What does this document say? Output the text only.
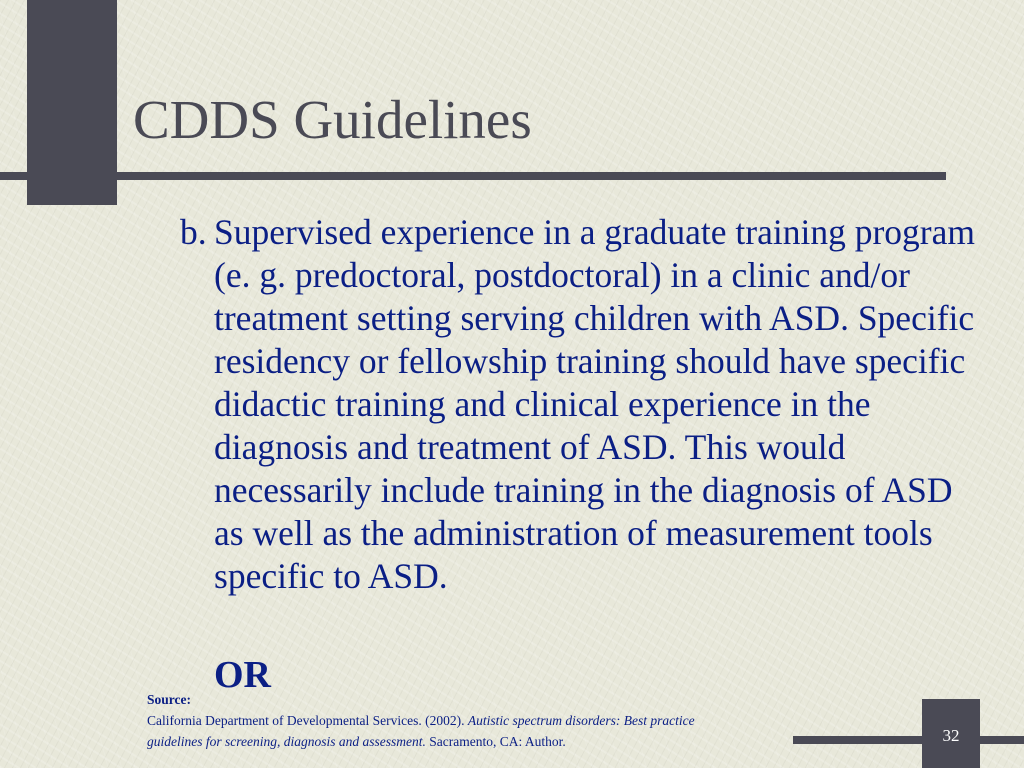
CDDS Guidelines
b. Supervised experience in a graduate training program (e. g. predoctoral, postdoctoral) in a clinic and/or treatment setting serving children with ASD. Specific residency or fellowship training should have specific didactic training and clinical experience in the diagnosis and treatment of ASD. This would necessarily include training in the diagnosis of ASD as well as the administration of measurement tools specific to ASD.
OR
Source:
California Department of Developmental Services. (2002). Autistic spectrum disorders: Best practice
guidelines for screening, diagnosis and assessment. Sacramento, CA: Author.	32
